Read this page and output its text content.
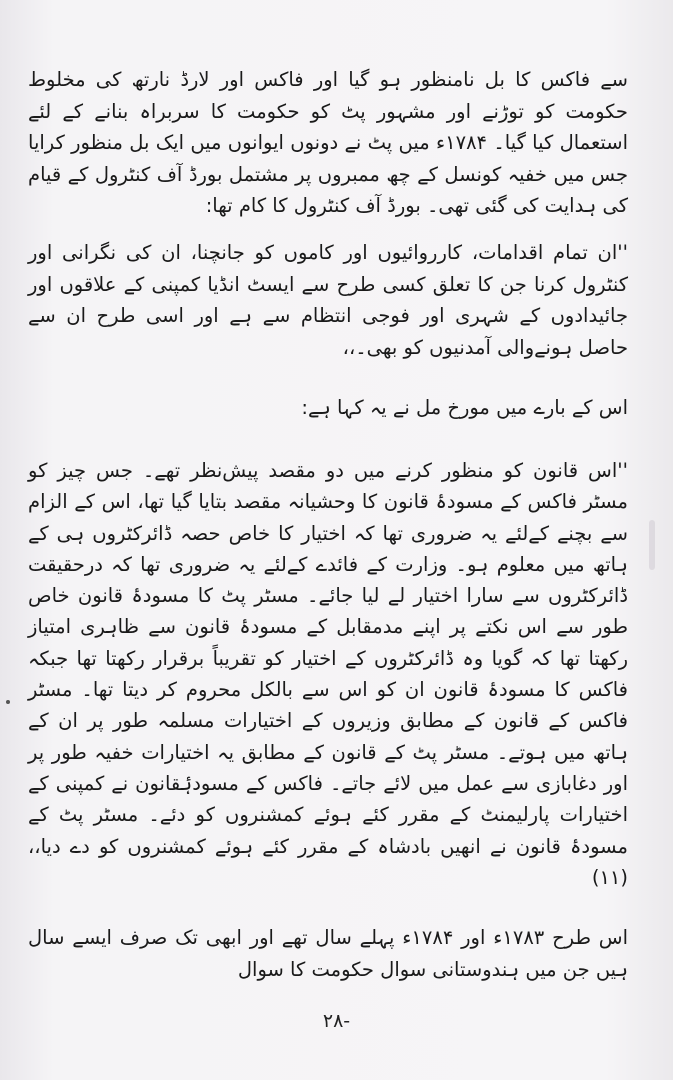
سے فاکس کا بل نامنظور ہو گیا اور فاکس اور لارڈ نارتھ کی مخلوط حکومت کو توڑنے اور مشہور پٹ کو حکومت کا سربراہ بنانے کے لئے استعمال کیا گیا۔ ۱۷۸۴ء میں پٹ نے دونوں ایوانوں میں ایک بل منظور کرایا جس میں خفیہ کونسل کے چھ ممبروں پر مشتمل بورڈ آف کنٹرول کے قیام کی ہدایت کی گئی تھی۔ بورڈ آف کنٹرول کا کام تھا:
''ان تمام اقدامات، کارروائیوں اور کاموں کو جانچنا، ان کی نگرانی اور کنٹرول کرنا جن کا تعلق کسی طرح سے ایسٹ انڈیا کمپنی کے علاقوں اور جائیدادوں کے شہری اور فوجی انتظام سے ہے اور اسی طرح ان سے حاصل ہونےوالی آمدنیوں کو بھی۔،،
اس کے بارے میں مورخ مل نے یہ کہا ہے:
''اس قانون کو منظور کرنے میں دو مقصد پیش‌نظر تھے۔ جس چیز کو مسٹر فاکس کے مسودۂ قانون کا وحشیانہ مقصد بتایا گیا تھا، اس کے الزام سے بچنے کےلئے یہ ضروری تھا کہ اختیار کا خاص حصہ ڈائرکٹروں ہی کے ہاتھ میں معلوم ہو۔ وزارت کے فائدے کےلئے یہ ضروری تھا کہ درحقیقت ڈائرکٹروں سے سارا اختیار لے لیا جائے۔ مسٹر پٹ کا مسودۂ قانون خاص طور سے اس نکتے پر اپنے مدمقابل کے مسودۂ قانون سے ظاہری امتیاز رکھتا تھا کہ گویا وہ ڈائرکٹروں کے اختیار کو تقریباً برقرار رکھتا تھا جبکہ فاکس کا مسودۂ قانون ان کو اس سے بالکل محروم کر دیتا تھا۔ مسٹر فاکس کے قانون کے مطابق وزیروں کے اختیارات مسلمہ طور پر ان کے ہاتھ میں ہوتے۔ مسٹر پٹ کے قانون کے مطابق یہ اختیارات خفیہ طور پر اور دغابازی سے عمل میں لائے جاتے۔ فاکس کے مسودۂقانون نے کمپنی کے اختیارات پارلیمنٹ کے مقرر کئے ہوئے کمشنروں کو دئے۔ مسٹر پٹ کے مسودۂ قانون نے انھیں بادشاہ کے مقرر کئے ہوئے کمشنروں کو دے دیا،، (۱۱)
اس طرح ۱۷۸۳ء اور ۱۷۸۴ء پہلے سال تھے اور ابھی تک صرف ایسے سال ہیں جن میں ہندوستانی سوال حکومت کا سوال
-۲۸
